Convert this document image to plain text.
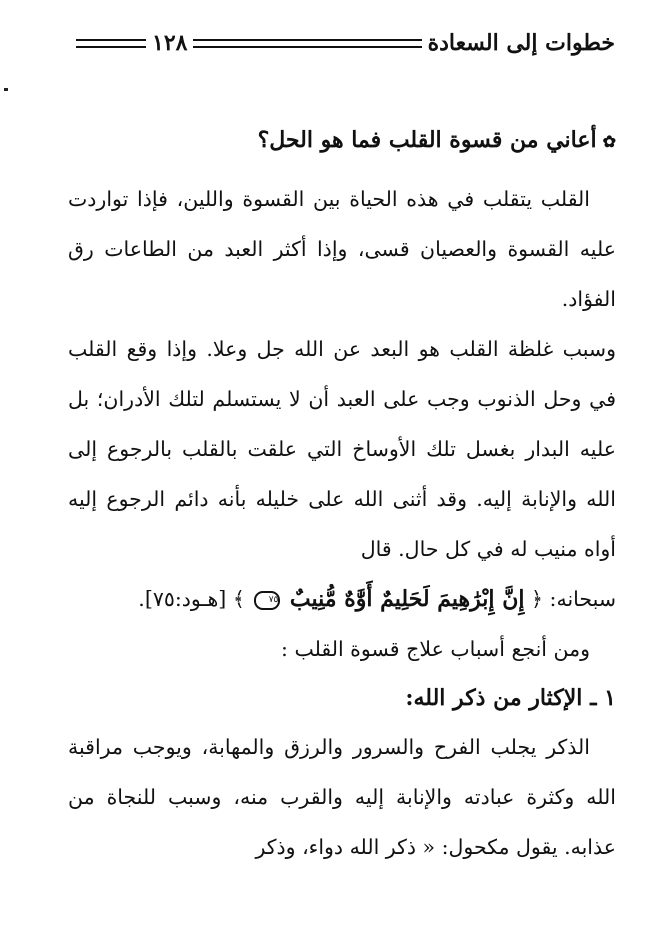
خطوات إلى السعادة
١٢٨
✿أعاني من قسوة القلب فما هو الحل؟

القلب يتقلب في هذه الحياة بين القسوة واللين، فإذا تواردت عليه القسوة والعصيان قسى، وإذا أكثر العبد من الطاعات رق الفؤاد.

وسبب غلظة القلب هو البعد عن الله جل وعلا. وإذا وقع القلب في وحل الذنوب وجب على العبد أن لا يستسلم لتلك الأدران؛ بل عليه البدار بغسل تلك الأوساخ التي علقت بالقلب بالرجوع إلى الله والإنابة إليه. وقد أثنى الله على خليله بأنه دائم الرجوع إليه أواه منيب له في كل حال. قال

سبحانه: ﴿ إِنَّ إِبْرَٰهِيمَ لَحَلِيمٌ أَوَّٰهٌ مُّنِيبٌ ٧٥ ﴾ [هـود:٧٥].

ومن أنجع أسباب علاج قسوة القلب :

١ ـ الإكثار من ذكر الله:

الذكر يجلب الفرح والسرور والرزق والمهابة، ويوجب مراقبة الله وكثرة عبادته والإنابة إليه والقرب منه، وسبب للنجاة من عذابه. يقول مكحول: « ذكر الله دواء، وذكر
